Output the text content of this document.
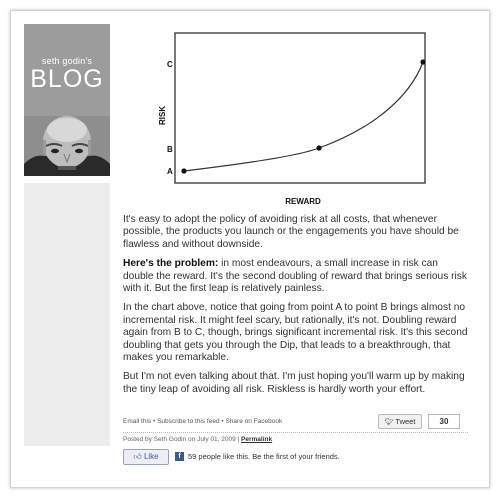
seth godin's
BLOG
A
B
C
RISK
REWARD

It's easy to adopt the policy of avoiding risk at all costs, that whenever possible, the products you launch or the engagements you have should be flawless and without downside.

Here's the problem: in most endeavours, a small increase in risk can double the reward. It's the second doubling of reward that brings serious risk with it. But the first leap is relatively painless.

In the chart above, notice that going from point A to point B brings almost no incremental risk. It might feel scary, but rationally, it's not. Doubling reward again from B to C, though, brings significant incremental risk. It's this second doubling that gets you through the Dip, that leads to a breakthrough, that makes you remarkable.

But I'm not even talking about that. I'm just hoping you'll warm up by making the tiny leap of avoiding all risk. Riskless is hardly worth your effort.

Email this • Subscribe to this feed • Share on Facebook	🐦︎ Tweet	30
Posted by Seth Godin on July 01, 2009 | Permalink
👍︎ Like	f 59 people like this. Be the first of your friends.
